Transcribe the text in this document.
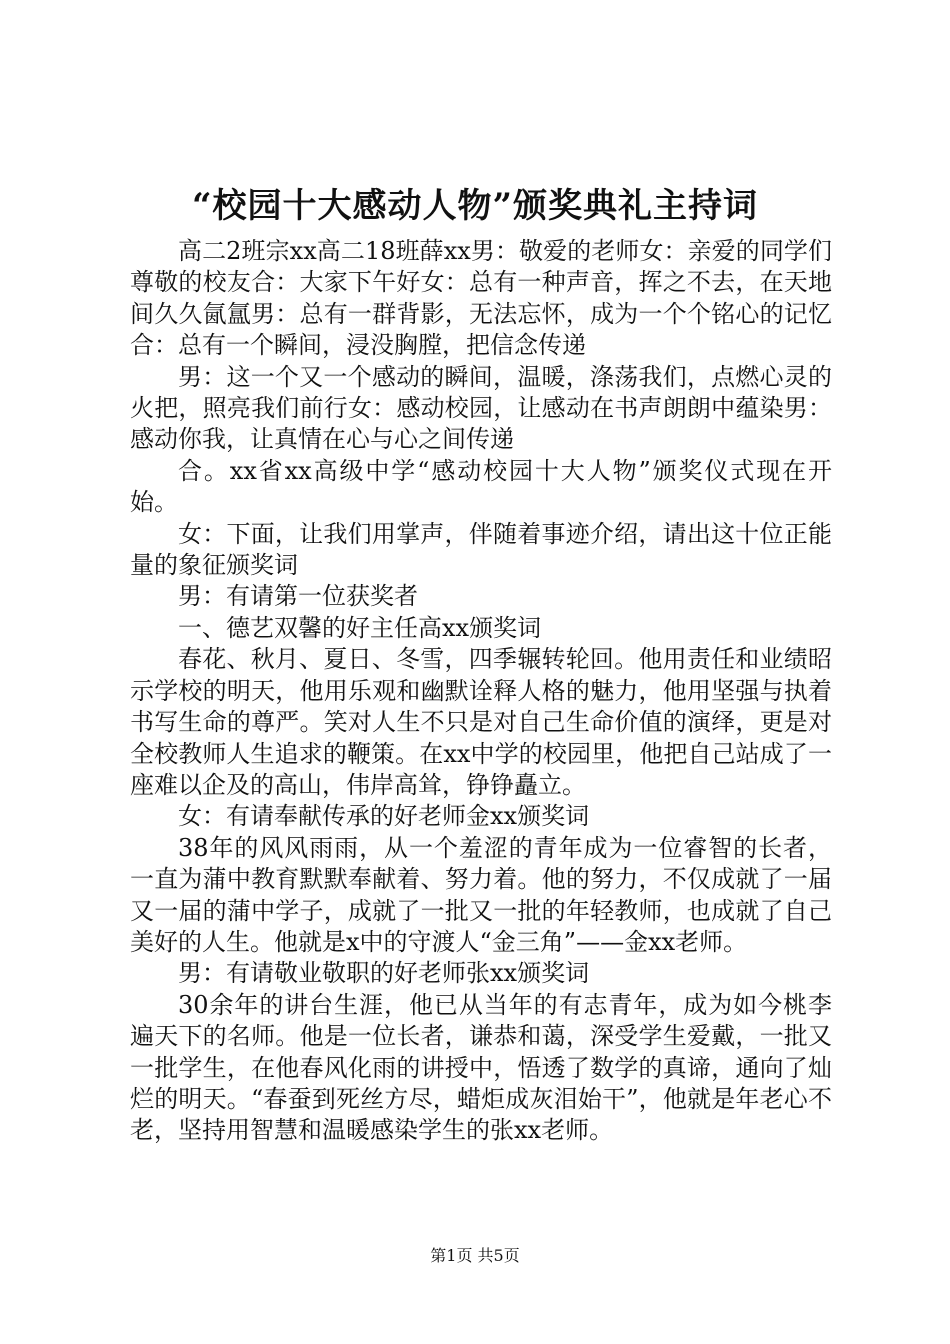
“校园十大感动人物”颁奖典礼主持词

高二2班宗xx高二18班薛xx男：敬爱的老师女：亲爱的同学们尊敬的校友合：大家下午好女：总有一种声音，挥之不去，在天地间久久氤氲男：总有一群背影，无法忘怀，成为一个个铭心的记忆合：总有一个瞬间，浸没胸膛，把信念传递

男：这一个又一个感动的瞬间，温暖，涤荡我们，点燃心灵的火把，照亮我们前行女：感动校园，让感动在书声朗朗中蕴染男：感动你我，让真情在心与心之间传递

合。xx省xx高级中学“感动校园十大人物”颁奖仪式现在开始。

女：下面，让我们用掌声，伴随着事迹介绍，请出这十位正能量的象征颁奖词

男：有请第一位获奖者

一、德艺双馨的好主任高xx颁奖词

春花、秋月、夏日、冬雪，四季辗转轮回。他用责任和业绩昭示学校的明天，他用乐观和幽默诠释人格的魅力，他用坚强与执着书写生命的尊严。笑对人生不只是对自己生命价值的演绎，更是对全校教师人生追求的鞭策。在xx中学的校园里，他把自己站成了一座难以企及的高山，伟岸高耸，铮铮矗立。

女：有请奉献传承的好老师金xx颁奖词

38年的风风雨雨，从一个羞涩的青年成为一位睿智的长者，一直为蒲中教育默默奉献着、努力着。他的努力，不仅成就了一届又一届的蒲中学子，成就了一批又一批的年轻教师，也成就了自己美好的人生。他就是x中的守渡人“金三角”——金xx老师。

男：有请敬业敬职的好老师张xx颁奖词

30余年的讲台生涯，他已从当年的有志青年，成为如今桃李遍天下的名师。他是一位长者，谦恭和蔼，深受学生爱戴，一批又一批学生，在他春风化雨的讲授中，悟透了数学的真谛，通向了灿烂的明天。“春蚕到死丝方尽，蜡炬成灰泪始干”，他就是年老心不老，坚持用智慧和温暖感染学生的张xx老师。

第1页 共5页
